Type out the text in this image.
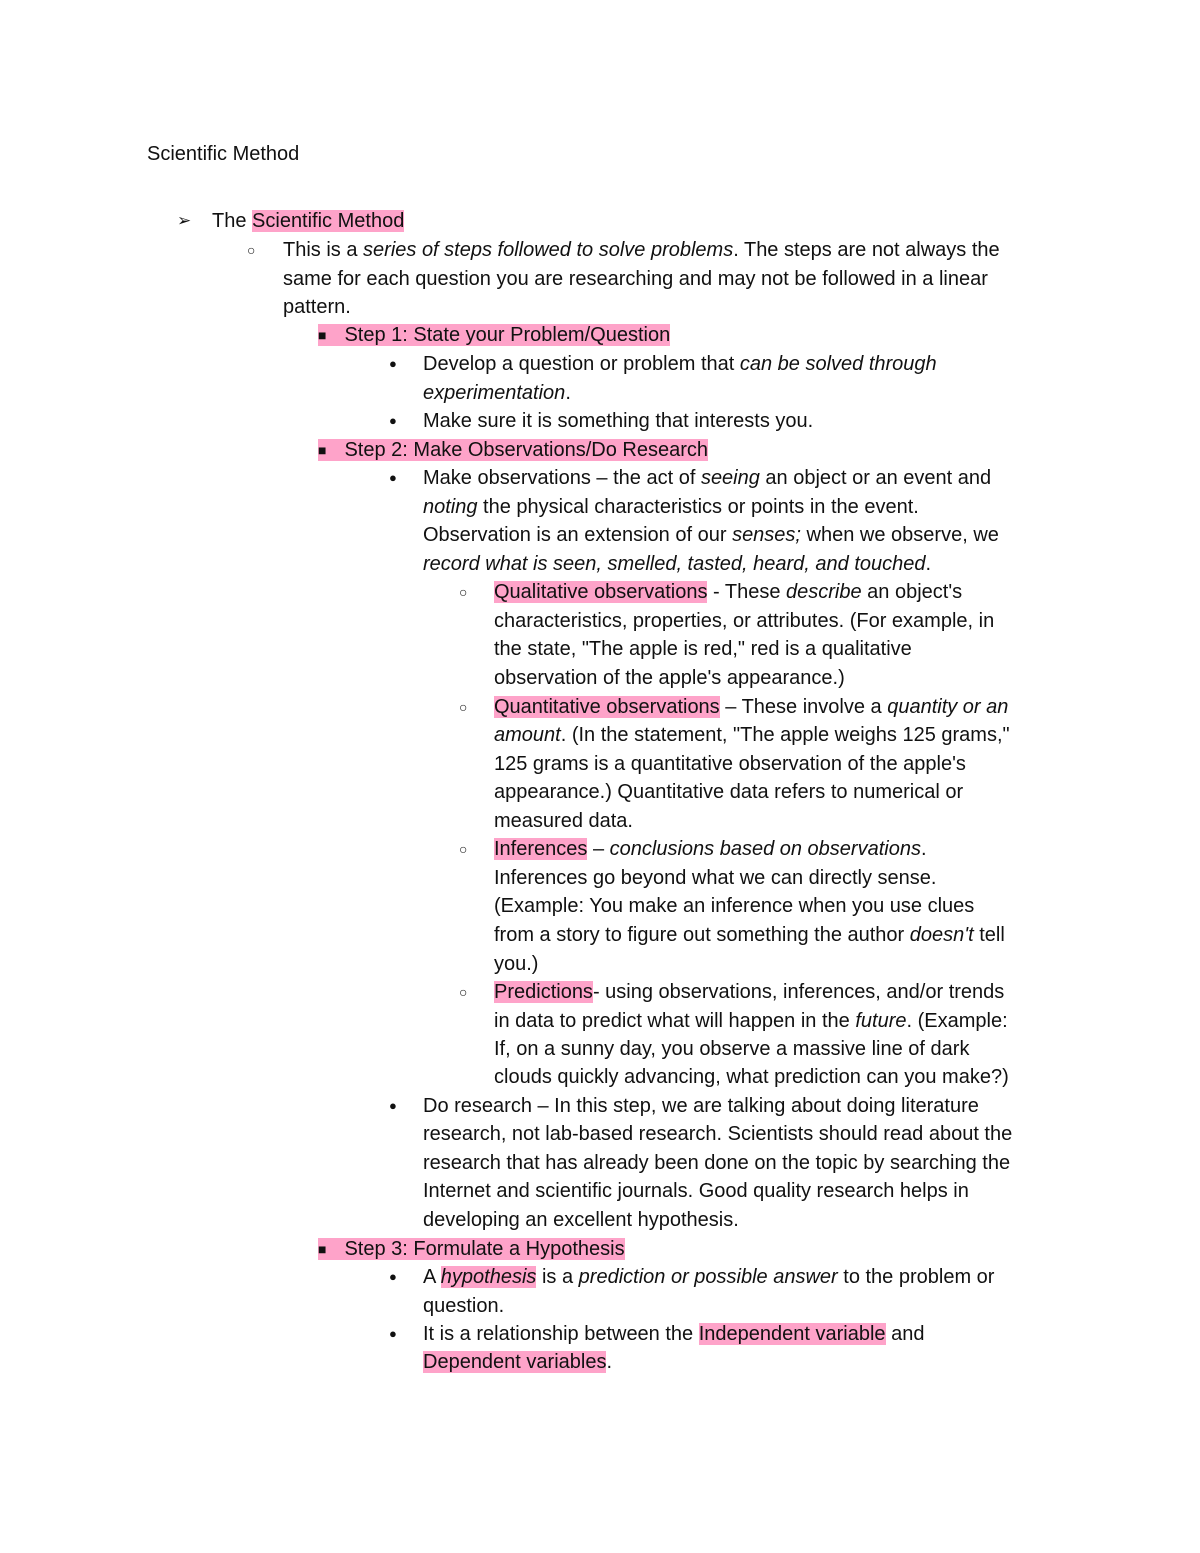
Scientific Method
➢ The Scientific Method

○ This is a series of steps followed to solve problems. The steps are not always the

same for each question you are researching and may not be followed in a linear

pattern.

■ Step 1: State your Problem/Question

● Develop a question or problem that can be solved through

experimentation.

● Make sure it is something that interests you.

■ Step 2: Make Observations/Do Research

● Make observations – the act of seeing an object or an event and

noting the physical characteristics or points in the event.

Observation is an extension of our senses; when we observe, we

record what is seen, smelled, tasted, heard, and touched.

○ Qualitative observations - These describe an object's

characteristics, properties, or attributes. (For example, in

the state, "The apple is red," red is a qualitative

observation of the apple's appearance.)

○ Quantitative observations – These involve a quantity or an

amount. (In the statement, "The apple weighs 125 grams,"

125 grams is a quantitative observation of the apple's

appearance.) Quantitative data refers to numerical or

measured data.

○ Inferences – conclusions based on observations.

Inferences go beyond what we can directly sense.

(Example: You make an inference when you use clues

from a story to figure out something the author doesn't tell

you.)

○ Predictions- using observations, inferences, and/or trends

in data to predict what will happen in the future. (Example:

If, on a sunny day, you observe a massive line of dark

clouds quickly advancing, what prediction can you make?)

● Do research – In this step, we are talking about doing literature

research, not lab-based research. Scientists should read about the

research that has already been done on the topic by searching the

Internet and scientific journals. Good quality research helps in

developing an excellent hypothesis.

■ Step 3: Formulate a Hypothesis

● A hypothesis is a prediction or possible answer to the problem or

question.

● It is a relationship between the Independent variable and

Dependent variables.
